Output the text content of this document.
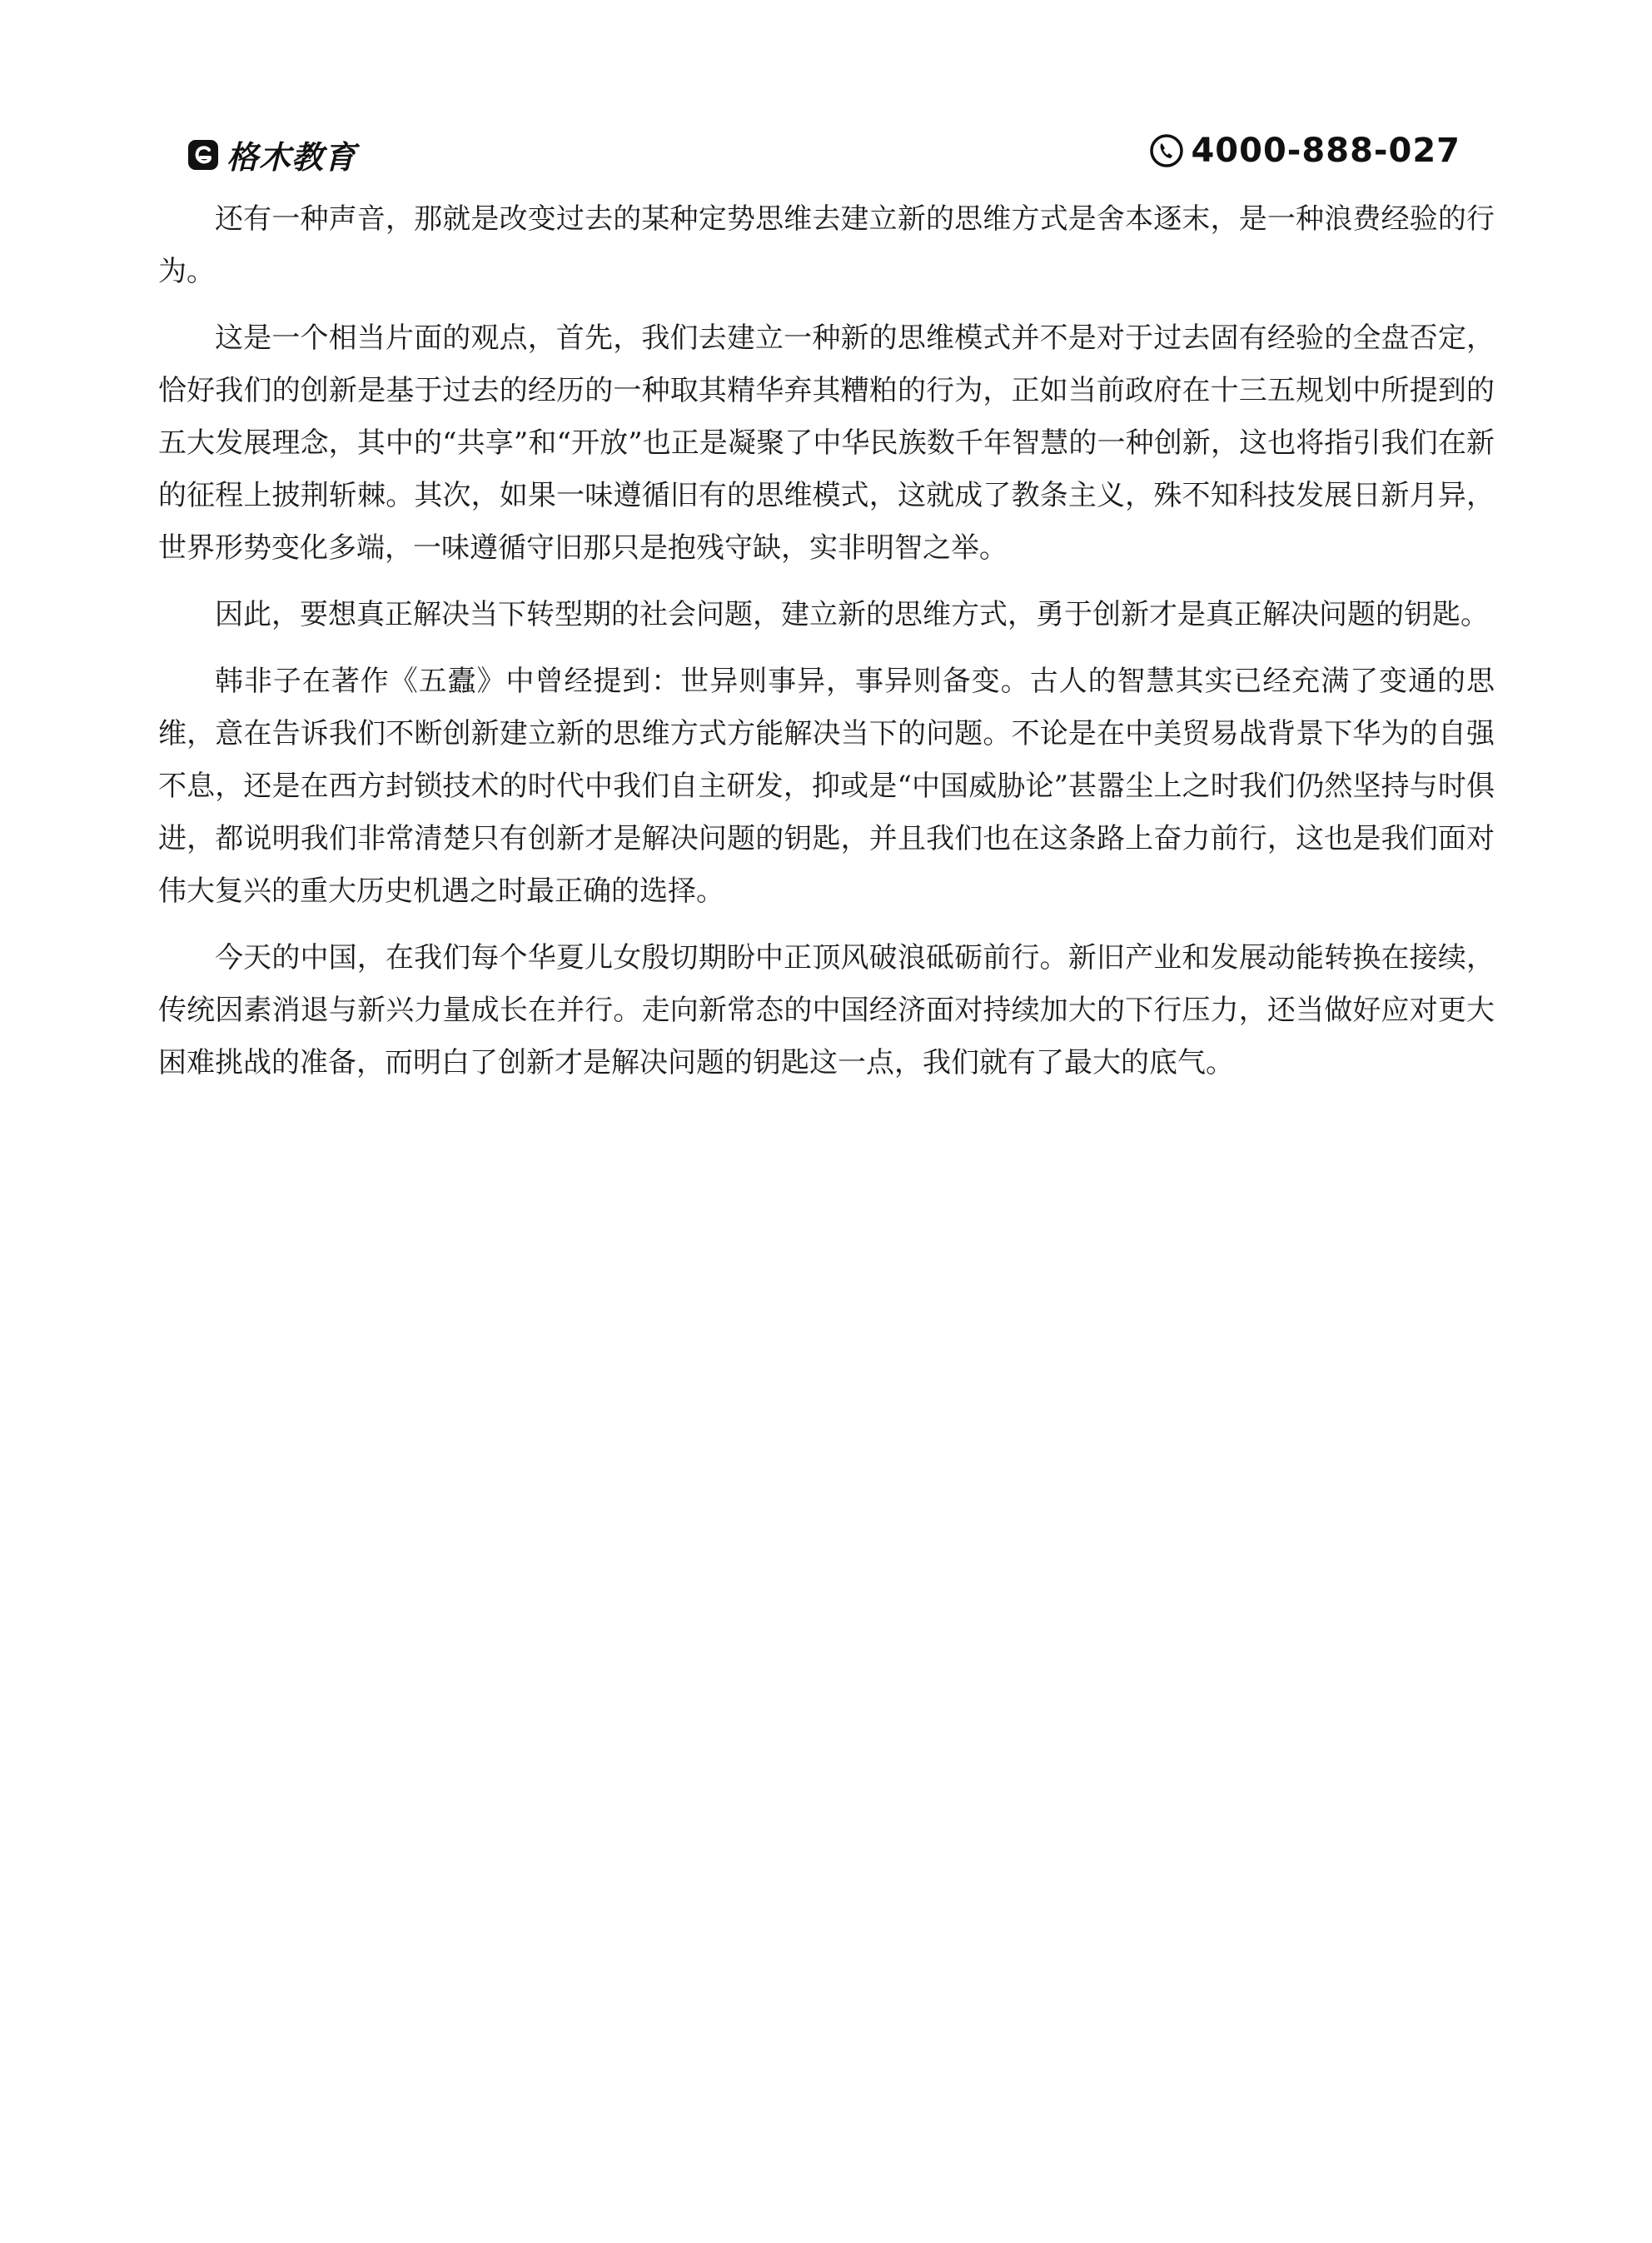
格木教育	4000-888-027

还有一种声音，那就是改变过去的某种定势思维去建立新的思维方式是舍本逐末，是一种浪费经验的行为。

这是一个相当片面的观点，首先，我们去建立一种新的思维模式并不是对于过去固有经验的全盘否定，恰好我们的创新是基于过去的经历的一种取其精华弃其糟粕的行为，正如当前政府在十三五规划中所提到的五大发展理念，其中的“共享”和“开放”也正是凝聚了中华民族数千年智慧的一种创新，这也将指引我们在新的征程上披荆斩棘。其次，如果一味遵循旧有的思维模式，这就成了教条主义，殊不知科技发展日新月异，世界形势变化多端，一味遵循守旧那只是抱残守缺，实非明智之举。

因此，要想真正解决当下转型期的社会问题，建立新的思维方式，勇于创新才是真正解决问题的钥匙。

韩非子在著作《五蠹》中曾经提到：世异则事异，事异则备变。古人的智慧其实已经充满了变通的思维，意在告诉我们不断创新建立新的思维方式方能解决当下的问题。不论是在中美贸易战背景下华为的自强不息，还是在西方封锁技术的时代中我们自主研发，抑或是“中国威胁论”甚嚣尘上之时我们仍然坚持与时俱进，都说明我们非常清楚只有创新才是解决问题的钥匙，并且我们也在这条路上奋力前行，这也是我们面对伟大复兴的重大历史机遇之时最正确的选择。

今天的中国，在我们每个华夏儿女殷切期盼中正顶风破浪砥砺前行。新旧产业和发展动能转换在接续，传统因素消退与新兴力量成长在并行。走向新常态的中国经济面对持续加大的下行压力，还当做好应对更大困难挑战的准备，而明白了创新才是解决问题的钥匙这一点，我们就有了最大的底气。
